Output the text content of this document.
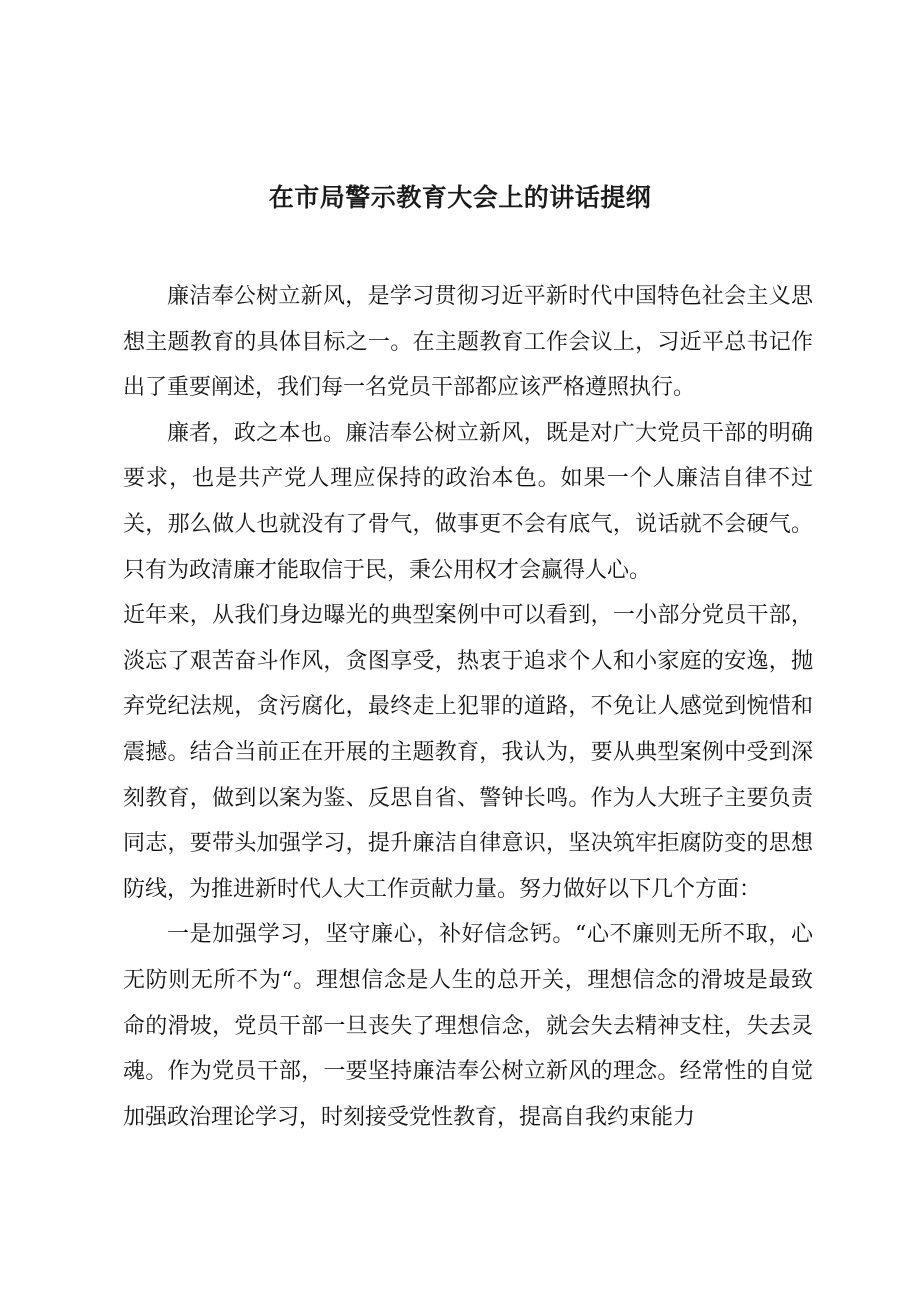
在市局警示教育大会上的讲话提纲

廉洁奉公树立新风，是学习贯彻习近平新时代中国特色社会主义思想主题教育的具体目标之一。在主题教育工作会议上，习近平总书记作出了重要阐述，我们每一名党员干部都应该严格遵照执行。

廉者，政之本也。廉洁奉公树立新风，既是对广大党员干部的明确要求，也是共产党人理应保持的政治本色。如果一个人廉洁自律不过关，那么做人也就没有了骨气，做事更不会有底气，说话就不会硬气。只有为政清廉才能取信于民，秉公用权才会赢得人心。

近年来，从我们身边曝光的典型案例中可以看到，一小部分党员干部，淡忘了艰苦奋斗作风，贪图享受，热衷于追求个人和小家庭的安逸，抛弃党纪法规，贪污腐化，最终走上犯罪的道路，不免让人感觉到惋惜和震撼。结合当前正在开展的主题教育，我认为，要从典型案例中受到深刻教育，做到以案为鉴、反思自省、警钟长鸣。作为人大班子主要负责同志，要带头加强学习，提升廉洁自律意识，坚决筑牢拒腐防变的思想防线，为推进新时代人大工作贡献力量。努力做好以下几个方面：

一是加强学习，坚守廉心，补好信念钙。“心不廉则无所不取，心无防则无所不为“。理想信念是人生的总开关，理想信念的滑坡是最致命的滑坡，党员干部一旦丧失了理想信念，就会失去精神支柱，失去灵魂。作为党员干部，一要坚持廉洁奉公树立新风的理念。经常性的自觉加强政治理论学习，时刻接受党性教育，提高自我约束能力
